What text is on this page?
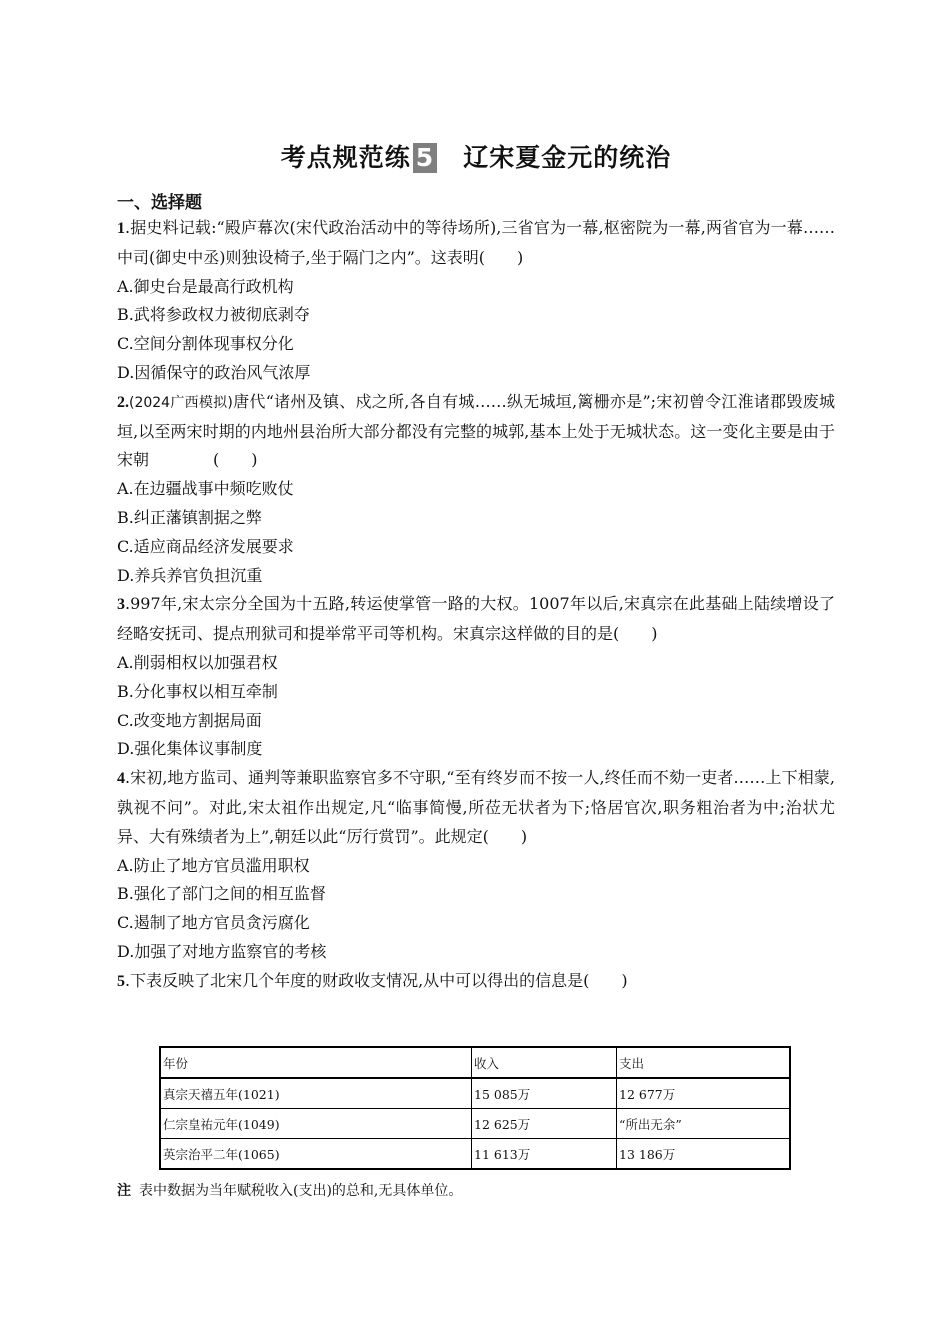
考点规范练 5 辽宋夏金元的统治
一、选择题

1.据史料记载:“殿庐幕次(宋代政治活动中的等待场所),三省官为一幕,枢密院为一幕,两省官为一幕……中司(御史中丞)则独设椅子,坐于隔门之内”。这表明(　　)

A.御史台是最高行政机构

B.武将参政权力被彻底剥夺

C.空间分割体现事权分化

D.因循保守的政治风气浓厚

2.(2024广西模拟)唐代“诸州及镇、戍之所,各自有城……纵无城垣,篱栅亦是”;宋初曾令江淮诸郡毁废城垣,以至两宋时期的内地州县治所大部分都没有完整的城郭,基本上处于无城状态。这一变化主要是由于宋朝　　　　(　　)

A.在边疆战事中频吃败仗

B.纠正藩镇割据之弊

C.适应商品经济发展要求

D.养兵养官负担沉重

3.997年,宋太宗分全国为十五路,转运使掌管一路的大权。1007年以后,宋真宗在此基础上陆续增设了经略安抚司、提点刑狱司和提举常平司等机构。宋真宗这样做的目的是(　　)

A.削弱相权以加强君权

B.分化事权以相互牵制

C.改变地方割据局面

D.强化集体议事制度

4.宋初,地方监司、通判等兼职监察官多不守职,“至有终岁而不按一人,终任而不劾一吏者……上下相蒙,孰视不问”。对此,宋太祖作出规定,凡“临事简慢,所莅无状者为下;恪居官次,职务粗治者为中;治状尤异、大有殊绩者为上”,朝廷以此“厉行赏罚”。此规定(　　)

A.防止了地方官员滥用职权

B.强化了部门之间的相互监督

C.遏制了地方官员贪污腐化

D.加强了对地方监察官的考核

5.下表反映了北宋几个年度的财政收支情况,从中可以得出的信息是(　　)

年份	收入	支出
真宗天禧五年(1021)	15 085万	12 677万
仁宗皇祐元年(1049)	12 625万	“所出无余”
英宗治平二年(1065)	11 613万	13 186万
注 表中数据为当年赋税收入(支出)的总和,无具体单位。
